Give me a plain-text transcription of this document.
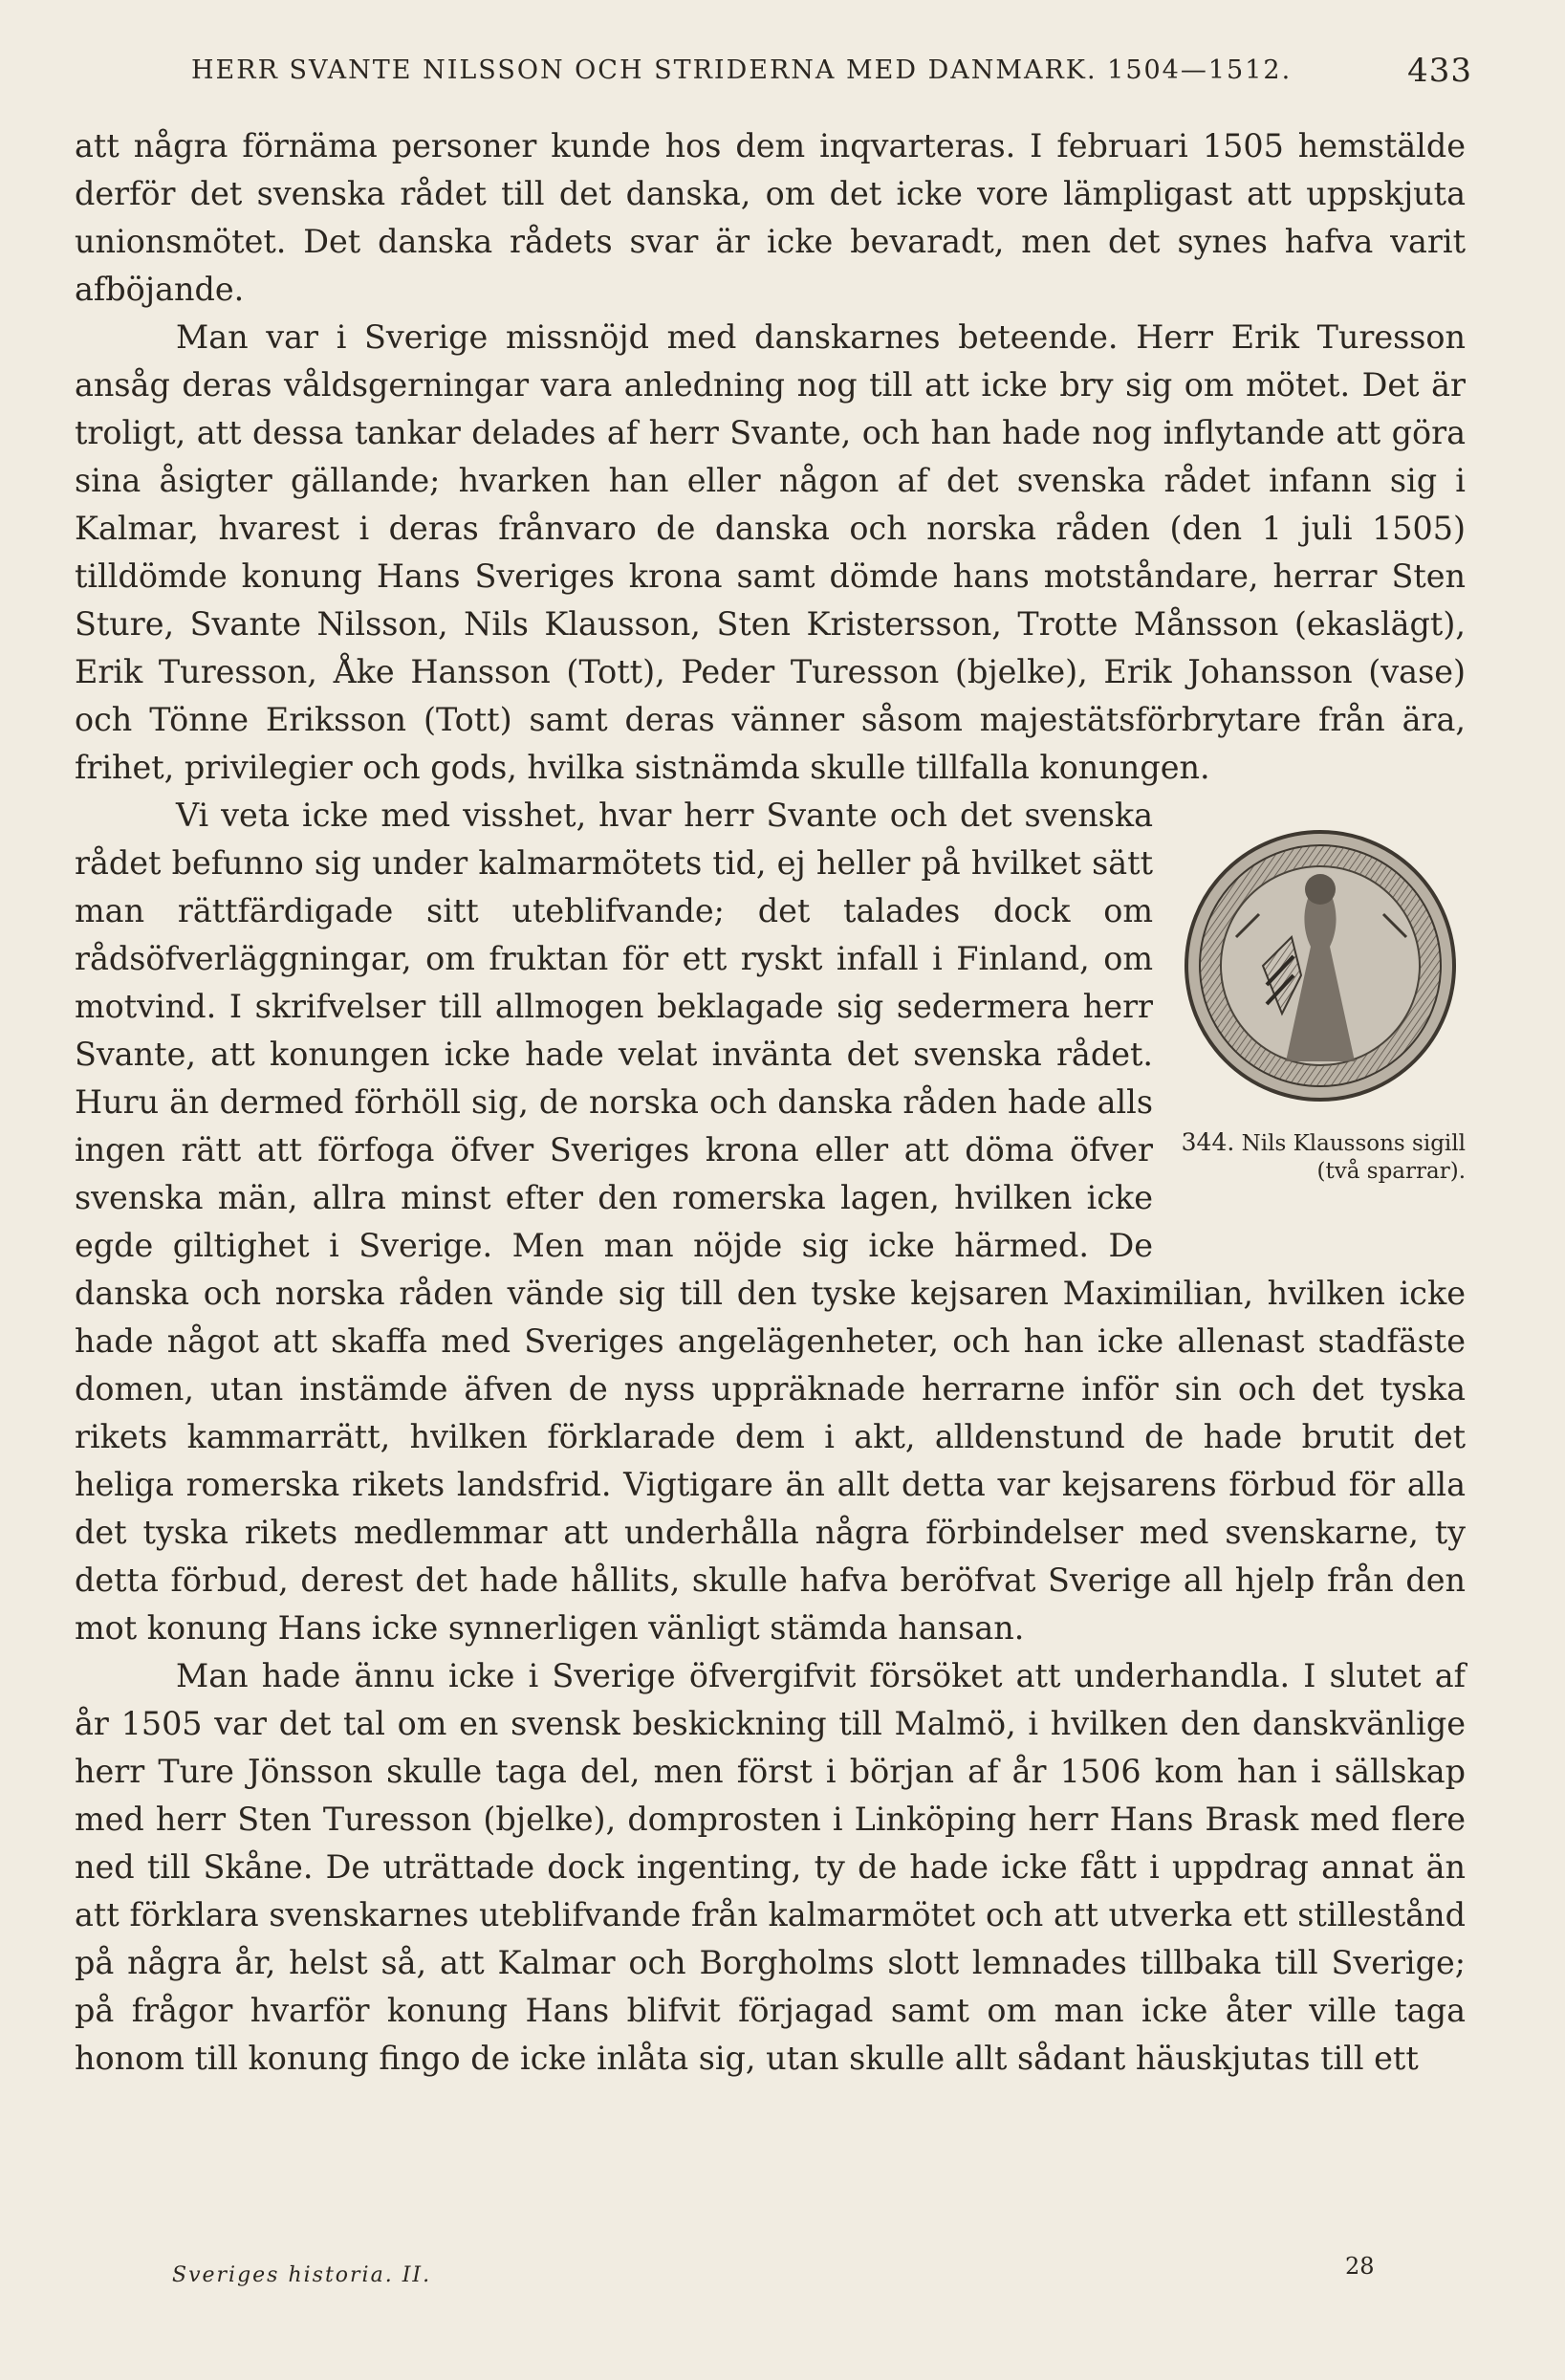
HERR SVANTE NILSSON OCH STRIDERNA MED DANMARK. 1504—1512.	433

att några förnäma personer kunde hos dem inqvarteras. I februari 1505 hemstälde derför det svenska rådet till det danska, om det icke vore lämpligast att uppskjuta unionsmötet. Det danska rådets svar är icke bevaradt, men det synes hafva varit afböjande.

Man var i Sverige missnöjd med danskarnes beteende. Herr Erik Turesson ansåg deras våldsgerningar vara anledning nog till att icke bry sig om mötet. Det är troligt, att dessa tankar delades af herr Svante, och han hade nog inflytande att göra sina åsigter gällande; hvarken han eller någon af det svenska rådet infann sig i Kalmar, hvarest i deras frånvaro de danska och norska råden (den 1 juli 1505) tilldömde konung Hans Sveriges krona samt dömde hans motståndare, herrar Sten Sture, Svante Nilsson, Nils Klausson, Sten Kristersson, Trotte Månsson (ekaslägt), Erik Turesson, Åke Hansson (Tott), Peder Turesson (bjelke), Erik Johansson (vase) och Tönne Eriksson (Tott) samt deras vänner såsom majestätsförbrytare från ära, frihet, privilegier och gods, hvilka sistnämda skulle tillfalla konungen.

344. Nils Klaussons sigill (två sparrar).

Vi veta icke med visshet, hvar herr Svante och det svenska rådet befunno sig under kalmarmötets tid, ej heller på hvilket sätt man rättfärdigade sitt uteblifvande; det talades dock om rådsöfverläggningar, om fruktan för ett ryskt infall i Finland, om motvind. I skrifvelser till allmogen beklagade sig sedermera herr Svante, att konungen icke hade velat invänta det svenska rådet. Huru än dermed förhöll sig, de norska och danska råden hade alls ingen rätt att förfoga öfver Sveriges krona eller att döma öfver svenska män, allra minst efter den romerska lagen, hvilken icke egde giltighet i Sverige. Men man nöjde sig icke härmed. De danska och norska råden vände sig till den tyske kejsaren Maximilian, hvilken icke hade något att skaffa med Sveriges angelägenheter, och han icke allenast stadfäste domen, utan instämde äfven de nyss uppräknade herrarne inför sin och det tyska rikets kammarrätt, hvilken förklarade dem i akt, alldenstund de hade brutit det heliga romerska rikets landsfrid. Vigtigare än allt detta var kejsarens förbud för alla det tyska rikets medlemmar att underhålla några förbindelser med svenskarne, ty detta förbud, derest det hade hållits, skulle hafva beröfvat Sverige all hjelp från den mot konung Hans icke synnerligen vänligt stämda hansan.

Man hade ännu icke i Sverige öfvergifvit försöket att underhandla. I slutet af år 1505 var det tal om en svensk beskickning till Malmö, i hvilken den danskvänlige herr Ture Jönsson skulle taga del, men först i början af år 1506 kom han i sällskap med herr Sten Turesson (bjelke), domprosten i Linköping herr Hans Brask med flere ned till Skåne. De uträttade dock ingenting, ty de hade icke fått i uppdrag annat än att förklara svenskarnes uteblifvande från kalmarmötet och att utverka ett stillestånd på några år, helst så, att Kalmar och Borgholms slott lemnades tillbaka till Sverige; på frågor hvarför konung Hans blifvit förjagad samt om man icke åter ville taga honom till konung fingo de icke inlåta sig, utan skulle allt sådant häuskjutas till ett

Sveriges historia. II.	28
